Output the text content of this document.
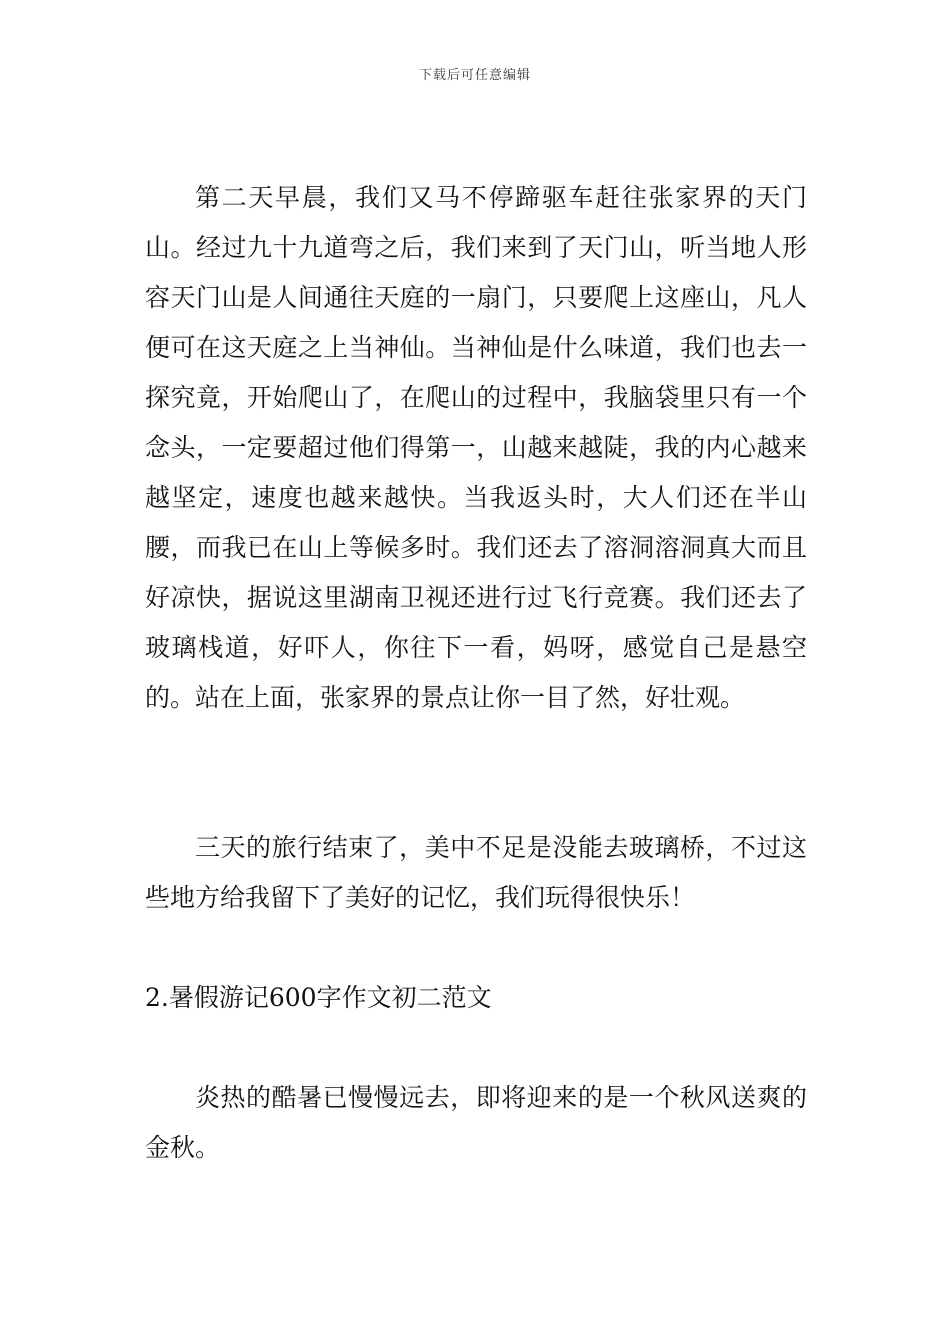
下载后可任意编辑

第二天早晨，我们又马不停蹄驱车赶往张家界的天门山。经过九十九道弯之后，我们来到了天门山，听当地人形容天门山是人间通往天庭的一扇门，只要爬上这座山，凡人便可在这天庭之上当神仙。当神仙是什么味道，我们也去一探究竟，开始爬山了，在爬山的过程中，我脑袋里只有一个念头，一定要超过他们得第一，山越来越陡，我的内心越来越坚定，速度也越来越快。当我返头时，大人们还在半山腰，而我已在山上等候多时。我们还去了溶洞溶洞真大而且好凉快，据说这里湖南卫视还进行过飞行竞赛。我们还去了玻璃栈道，好吓人，你往下一看，妈呀，感觉自己是悬空的。站在上面，张家界的景点让你一目了然，好壮观。

三天的旅行结束了，美中不足是没能去玻璃桥，不过这些地方给我留下了美好的记忆，我们玩得很快乐！

2.暑假游记600字作文初二范文

炎热的酷暑已慢慢远去，即将迎来的是一个秋风送爽的金秋。
